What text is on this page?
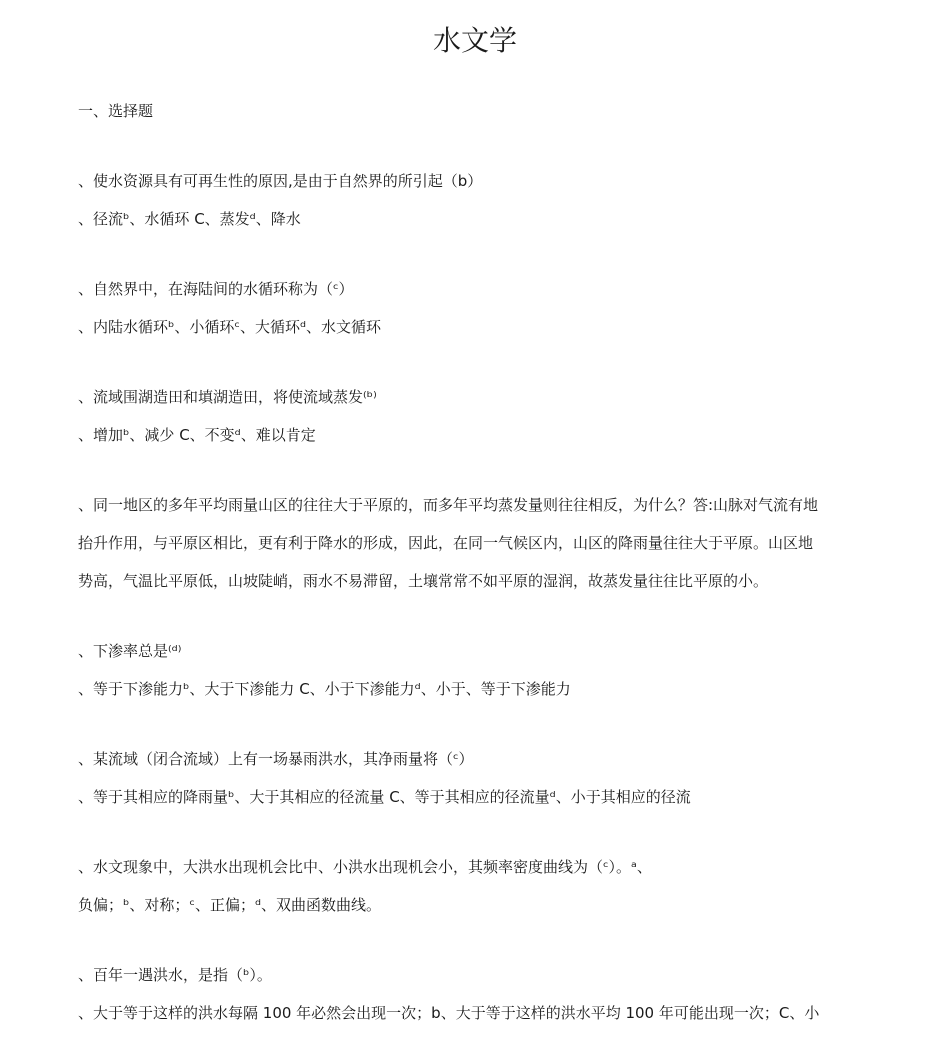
水文学
一、选择题
、使水资源具有可再生性的原因,是由于自然界的所引起（b）
、径流ᵇ、水循环 C、蒸发ᵈ、降水
、自然界中，在海陆间的水循环称为（ᶜ）
、内陆水循环ᵇ、小循环ᶜ、大循环ᵈ、水文循环
、流域围湖造田和填湖造田，将使流域蒸发⁽ᵇ⁾
、增加ᵇ、减少 C、不变ᵈ、难以肯定
、同一地区的多年平均雨量山区的往往大于平原的，而多年平均蒸发量则往往相反，为什么？答:山脉对气流有地
抬升作用，与平原区相比，更有利于降水的形成，因此，在同一气候区内，山区的降雨量往往大于平原。山区地
势高，气温比平原低，山坡陡峭，雨水不易滞留，土壤常常不如平原的湿润，故蒸发量往往比平原的小。
、下渗率总是⁽ᵈ⁾
、等于下渗能力ᵇ、大于下渗能力 C、小于下渗能力ᵈ、小于、等于下渗能力
、某流域（闭合流域）上有一场暴雨洪水，其净雨量将（ᶜ）
、等于其相应的降雨量ᵇ、大于其相应的径流量 C、等于其相应的径流量ᵈ、小于其相应的径流
、水文现象中，大洪水出现机会比中、小洪水出现机会小，其频率密度曲线为（ᶜ）。ᵃ、
负偏；ᵇ、对称；ᶜ、正偏；ᵈ、双曲函数曲线。
、百年一遇洪水，是指（ᵇ）。
、大于等于这样的洪水每隔 100 年必然会出现一次；b、大于等于这样的洪水平均 100 年可能出现一次；C、小
